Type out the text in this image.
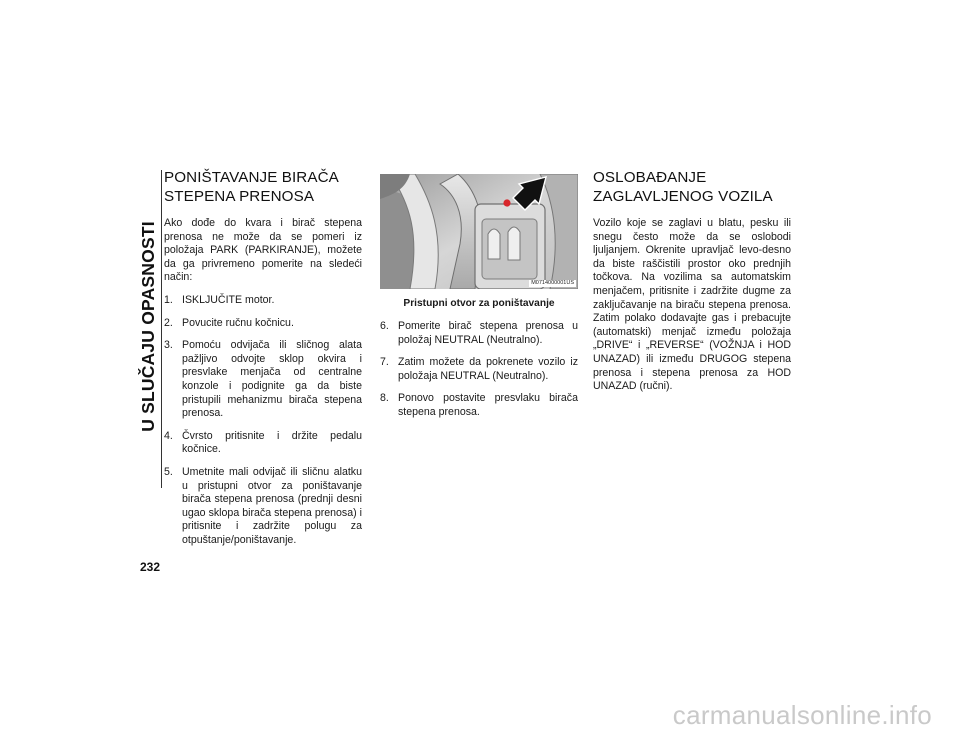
U SLUČAJU OPASNOSTI
PONIŠTAVANJE BIRAČA
STEPENA PRENOSA

Ako dođe do kvara i birač stepena prenosa ne može da se pomeri iz položaja PARK (PARKIRANJE), možete da ga privremeno pomerite na sledeći način:

1. ISKLJUČITE motor.
2. Povucite ručnu kočnicu.
3. Pomoću odvijača ili sličnog alata pažljivo odvojte sklop okvira i presvlake menjača od centralne konzole i podignite ga da biste pristupili mehanizmu birača stepena prenosa.
4. Čvrsto pritisnite i držite pedalu kočnice.
5. Umetnite mali odvijač ili sličnu alatku u pristupni otvor za poništavanje birača stepena prenosa (prednji desni ugao sklopa birača stepena prenosa) i pritisnite i zadržite polugu za otpuštanje/poništavanje.
M0714000001US
Pristupni otvor za poništavanje
6. Pomerite birač stepena prenosa u položaj NEUTRAL (Neutralno).
7. Zatim možete da pokrenete vozilo iz položaja NEUTRAL (Neutralno).
8. Ponovo postavite presvlaku birača stepena prenosa.
OSLOBAĐANJE
ZAGLAVLJENOG VOZILA

Vozilo koje se zaglavi u blatu, pesku ili snegu često može da se oslobodi ljuljanjem. Okrenite upravljač levo-desno da biste raščistili prostor oko prednjih točkova. Na vozilima sa automatskim menjačem, pritisnite i zadržite dugme za zaključavanje na biraču stepena prenosa. Zatim polako dodavajte gas i prebacujte (automatski) menjač između položaja „DRIVE“ i „REVERSE“ (VOŽNJA i HOD UNAZAD) ili između DRUGOG stepena prenosa i stepena prenosa za HOD UNAZAD (ručni).

232
carmanualsonline.info
